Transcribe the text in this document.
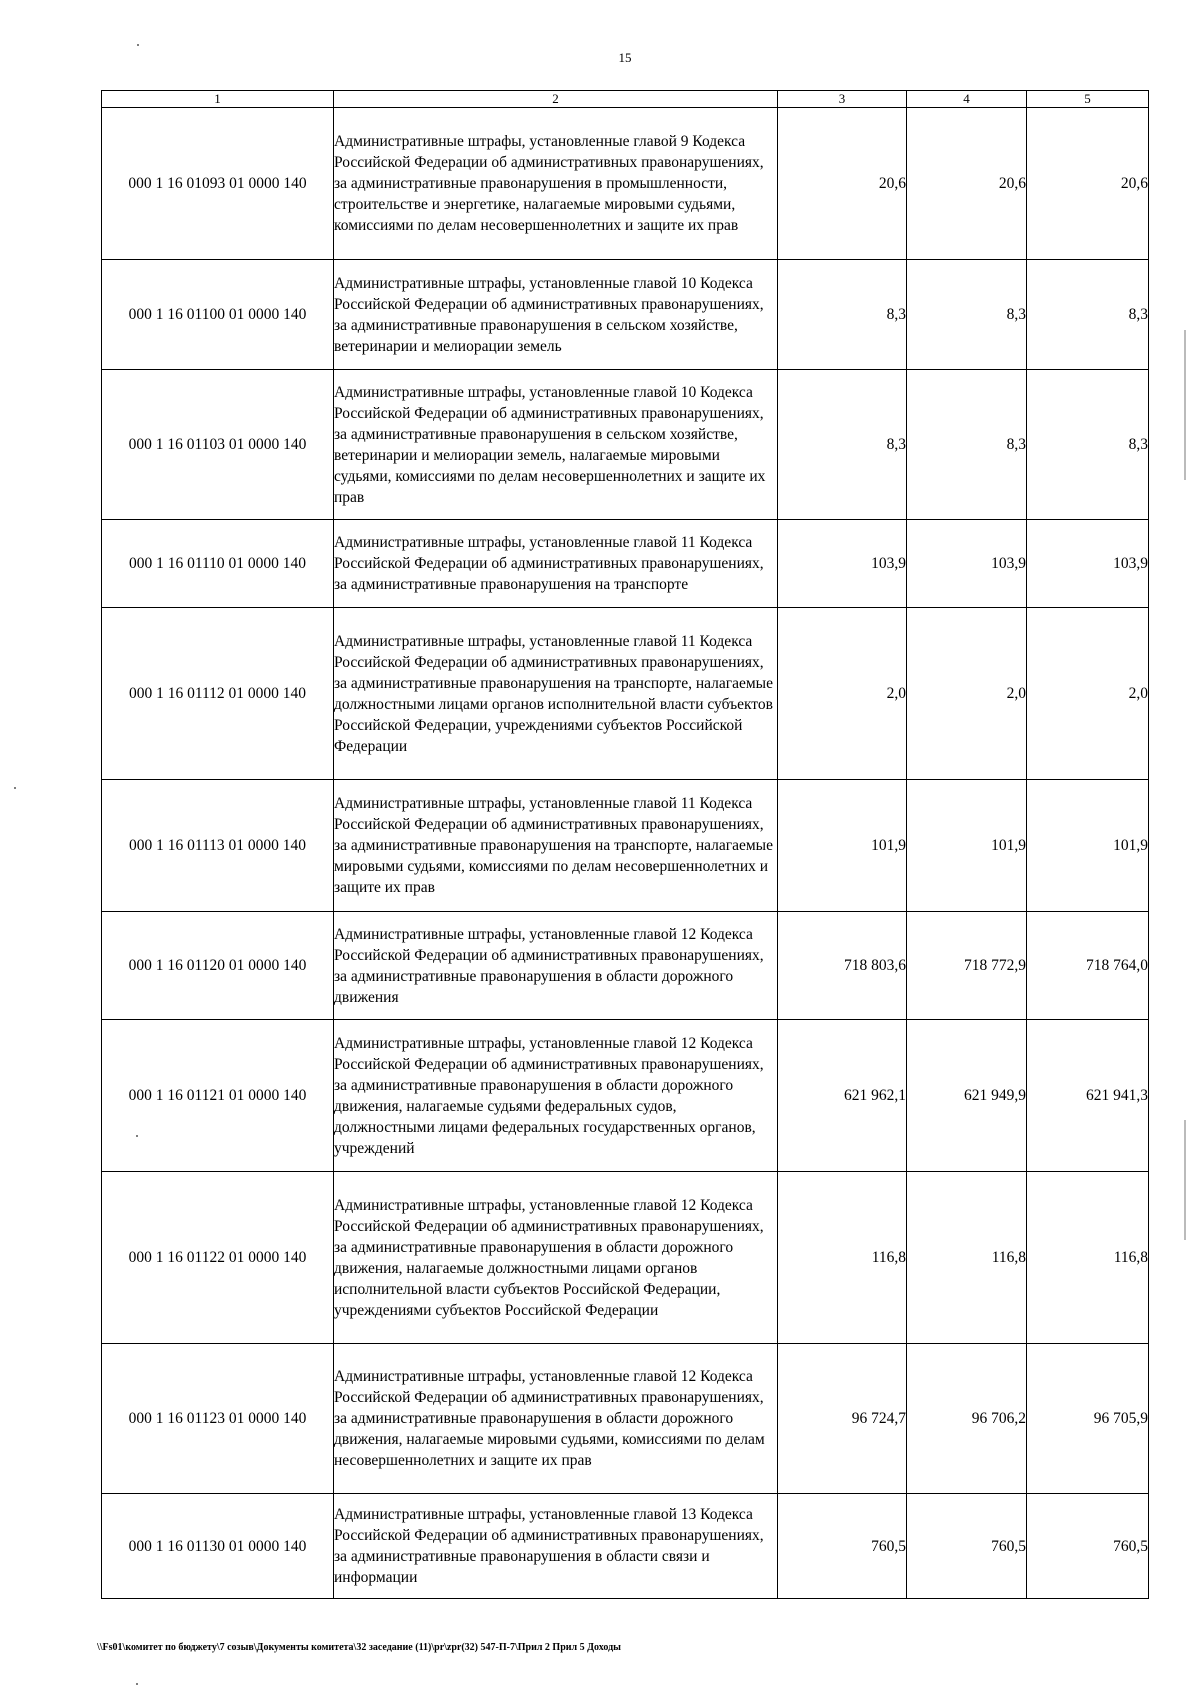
15
1	2	3	4	5
000 1 16 01093 01 0000 140	Административные штрафы, установленные главой 9 Кодекса Российской Федерации об административных правонарушениях, за административные правонарушения в промышленности, строительстве и энергетике, налагаемые мировыми судьями, комиссиями по делам несовершеннолетних и защите их прав	20,6	20,6	20,6
000 1 16 01100 01 0000 140	Административные штрафы, установленные главой 10 Кодекса Российской Федерации об административных правонарушениях, за административные правонарушения в сельском хозяйстве, ветеринарии и мелиорации земель	8,3	8,3	8,3
000 1 16 01103 01 0000 140	Административные штрафы, установленные главой 10 Кодекса Российской Федерации об административных правонарушениях, за административные правонарушения в сельском хозяйстве, ветеринарии и мелиорации земель, налагаемые мировыми судьями, комиссиями по делам несовершеннолетних и защите их прав	8,3	8,3	8,3
000 1 16 01110 01 0000 140	Административные штрафы, установленные главой 11 Кодекса Российской Федерации об административных правонарушениях, за административные правонарушения на транспорте	103,9	103,9	103,9
000 1 16 01112 01 0000 140	Административные штрафы, установленные главой 11 Кодекса Российской Федерации об административных правонарушениях, за административные правонарушения на транспорте, налагаемые должностными лицами органов исполнительной власти субъектов Российской Федерации, учреждениями субъектов Российской Федерации	2,0	2,0	2,0
000 1 16 01113 01 0000 140	Административные штрафы, установленные главой 11 Кодекса Российской Федерации об административных правонарушениях, за административные правонарушения на транспорте, налагаемые мировыми судьями, комиссиями по делам несовершеннолетних и защите их прав	101,9	101,9	101,9
000 1 16 01120 01 0000 140	Административные штрафы, установленные главой 12 Кодекса Российской Федерации об административных правонарушениях, за административные правонарушения в области дорожного движения	718 803,6	718 772,9	718 764,0
000 1 16 01121 01 0000 140	Административные штрафы, установленные главой 12 Кодекса Российской Федерации об административных правонарушениях, за административные правонарушения в области дорожного движения, налагаемые судьями федеральных судов, должностными лицами федеральных государственных органов, учреждений	621 962,1	621 949,9	621 941,3
000 1 16 01122 01 0000 140	Административные штрафы, установленные главой 12 Кодекса Российской Федерации об административных правонарушениях, за административные правонарушения в области дорожного движения, налагаемые должностными лицами органов исполнительной власти субъектов Российской Федерации, учреждениями субъектов Российской Федерации	116,8	116,8	116,8
000 1 16 01123 01 0000 140	Административные штрафы, установленные главой 12 Кодекса Российской Федерации об административных правонарушениях, за административные правонарушения в области дорожного движения, налагаемые мировыми судьями, комиссиями по делам несовершеннолетних и защите их прав	96 724,7	96 706,2	96 705,9
000 1 16 01130 01 0000 140	Административные штрафы, установленные главой 13 Кодекса Российской Федерации об административных правонарушениях, за административные правонарушения в области связи и информации	760,5	760,5	760,5
\\Fs01\комитет по бюджету\7 созыв\Документы комитета\32 заседание (11)\pr\zpr(32) 547-П-7\Прил 2 Прил 5 Доходы
